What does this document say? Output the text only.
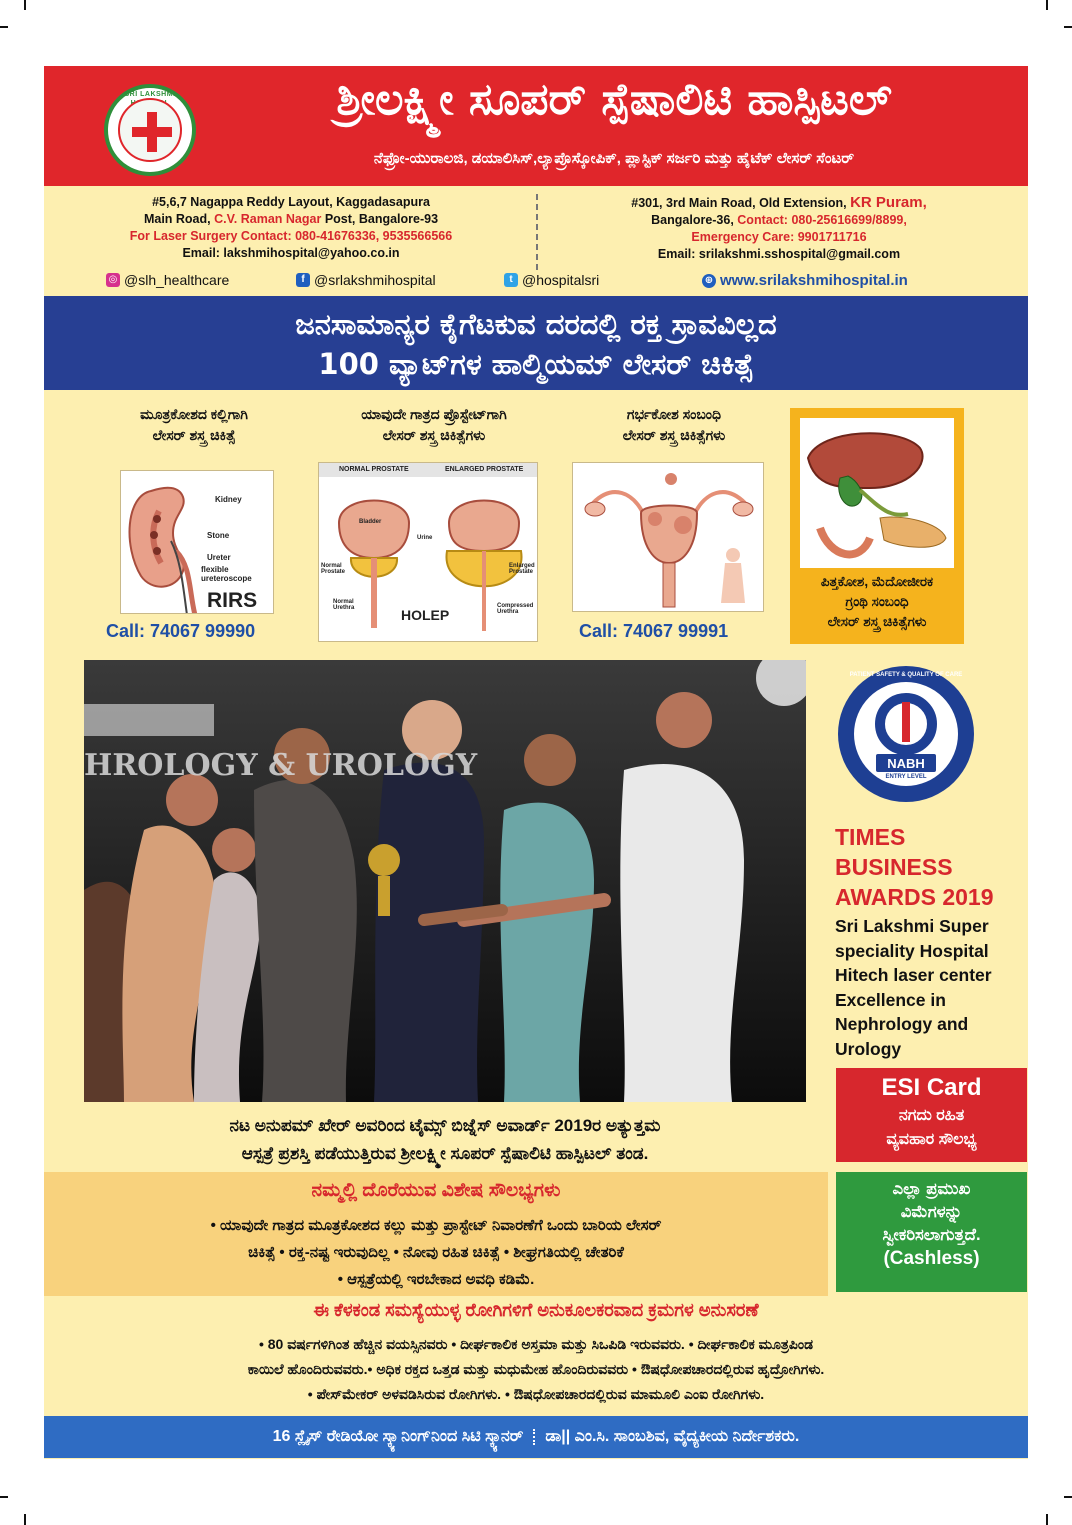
SRI LAKSHMI	ಶ್ರೀಲಕ್ಷ್ಮೀ ಸೂಪರ್ ಸ್ಪೆಷಾಲಿಟಿ ಹಾಸ್ಪಿಟಲ್
ನೆಫ್ರೋ-ಯುರಾಲಜಿ, ಡಯಾಲಿಸಿಸ್,ಲ್ಯಾಪ್ರೊಸ್ಕೋಪಿಕ್, ಪ್ಲಾಸ್ಟಿಕ್ ಸರ್ಜರಿ ಮತ್ತು ಹೈಟೆಕ್ ಲೇಸರ್ ಸೆಂಟರ್
#5,6,7 Nagappa Reddy Layout, Kaggadasapura
Main Road, C.V. Raman Nagar Post, Bangalore-93
For Laser Surgery Contact: 080-41676336, 9535566566
Email: lakshmihospital@yahoo.co.in
#301, 3rd Main Road, Old Extension, KR Puram,
Bangalore-36, Contact: 080-25616699/8899,
Emergency Care: 9901711716
Email: srilakshmi.sshospital@gmail.com
◎ @slh_healthcare	f @srlakshmihospital	t @hospitalsri	⊕ www.srilakshmihospital.in
ಜನಸಾಮಾನ್ಯರ ಕೈಗೆಟಕುವ ದರದಲ್ಲಿ ರಕ್ತ ಸ್ರಾವವಿಲ್ಲದ
100 ವ್ಯಾಟ್‌ಗಳ ಹಾಲ್ಮಿಯಮ್ ಲೇಸರ್ ಚಿಕಿತ್ಸೆ
ಮೂತ್ರಕೋಶದ ಕಲ್ಲಿಗಾಗಿ
ಲೇಸರ್ ಶಸ್ತ್ರ ಚಿಕಿತ್ಸೆ
Kidney
Stone
Ureter
flexible
ureteroscope
RIRS
Call: 74067 99990
ಯಾವುದೇ ಗಾತ್ರದ ಪ್ರೊಸ್ಟೇಟ್‌ಗಾಗಿ
ಲೇಸರ್ ಶಸ್ತ್ರ ಚಿಕಿತ್ಸೆಗಳು
NORMAL PROSTATE	ENLARGED PROSTATE
Bladder
Urine
Normal Prostate
Enlarged Prostate
Normal Urethra	Compressed Urethra
HOLEP
ಗರ್ಭಕೋಶ ಸಂಬಂಧಿ
ಲೇಸರ್ ಶಸ್ತ್ರ ಚಿಕಿತ್ಸೆಗಳು
Call: 74067 99991
ಪಿತ್ತಕೋಶ, ಮೆದೋಜೀರಕ
ಗ್ರಂಥಿ ಸಂಬಂಧಿ
ಲೇಸರ್ ಶಸ್ತ್ರ ಚಿಕಿತ್ಸೆಗಳು
HROLOGY & UROLOGY
ನಟ ಅನುಪಮ್ ಖೇರ್ ಅವರಿಂದ ಟೈಮ್ಸ್ ಬಿಜ್ನೆಸ್ ಅವಾರ್ಡ್ 2019ರ ಅತ್ಯುತ್ತಮ
ಆಸ್ಪತ್ರೆ ಪ್ರಶಸ್ತಿ ಪಡೆಯುತ್ತಿರುವ ಶ್ರೀಲಕ್ಷ್ಮೀ ಸೂಪರ್ ಸ್ಪೆಷಾಲಿಟಿ ಹಾಸ್ಪಿಟಲ್ ತಂಡ.
PATIENT SAFETY & QUALITY OF CARE
NABH
ENTRY LEVEL
TIMES
BUSINESS
AWARDS 2019
Sri Lakshmi Super
speciality Hospital
Hitech laser center
Excellence in
Nephrology and
Urology
ESI Card
ನಗದು ರಹಿತ
ವ್ಯವಹಾರ ಸೌಲಭ್ಯ
ನಮ್ಮಲ್ಲಿ ದೊರೆಯುವ ವಿಶೇಷ ಸೌಲಭ್ಯಗಳು
• ಯಾವುದೇ ಗಾತ್ರದ ಮೂತ್ರಕೋಶದ ಕಲ್ಲು ಮತ್ತು ಪ್ರಾಸ್ಟೇಟ್ ನಿವಾರಣೆಗೆ ಒಂದು ಬಾರಿಯ ಲೇಸರ್
ಚಿಕಿತ್ಸೆ • ರಕ್ತ-ನಷ್ಟ ಇರುವುದಿಲ್ಲ • ನೋವು ರಹಿತ ಚಿಕಿತ್ಸೆ • ಶೀಘ್ರಗತಿಯಲ್ಲಿ ಚೇತರಿಕೆ
• ಆಸ್ಪತ್ರೆಯಲ್ಲಿ ಇರಬೇಕಾದ ಅವಧಿ ಕಡಿಮೆ.
ಎಲ್ಲಾ ಪ್ರಮುಖ
ವಿಮೆಗಳನ್ನು
ಸ್ವೀಕರಿಸಲಾಗುತ್ತದೆ.
(Cashless)
ಈ ಕೆಳಕಂಡ ಸಮಸ್ಯೆಯುಳ್ಳ ರೋಗಿಗಳಿಗೆ ಅನುಕೂಲಕರವಾದ ಕ್ರಮಗಳ ಅನುಸರಣೆ
• 80 ವರ್ಷಗಳಿಗಿಂತ ಹೆಚ್ಚಿನ ವಯಸ್ಸಿನವರು • ದೀರ್ಘಕಾಲಿಕ ಅಸ್ತಮಾ ಮತ್ತು ಸಿಒಪಿಡಿ ಇರುವವರು. • ದೀರ್ಘಕಾಲಿಕ ಮೂತ್ರಪಿಂಡ
ಕಾಯಿಲೆ ಹೊಂದಿರುವವರು.• ಅಧಿಕ ರಕ್ತದ ಒತ್ತಡ ಮತ್ತು ಮಧುಮೇಹ ಹೊಂದಿರುವವರು • ಔಷಧೋಪಚಾರದಲ್ಲಿರುವ ಹೃದ್ರೋಗಿಗಳು.
• ಪೇಸ್‌ಮೇಕರ್ ಅಳವಡಿಸಿರುವ ರೋಗಿಗಳು. • ಔಷಧೋಪಚಾರದಲ್ಲಿರುವ ಮಾಮೂಲಿ ಎಂಐ ರೋಗಿಗಳು.
16 ಸ್ಲೈಸ್ ರೇಡಿಯೋ ಸ್ಕ್ಯಾನಿಂಗ್‌ನಿಂದ ಸಿಟಿ ಸ್ಕ್ಯಾನರ್ ಡಾ|| ಎಂ.ಸಿ. ಸಾಂಬಶಿವ, ವೈದ್ಯಕೀಯ ನಿರ್ದೇಶಕರು.
